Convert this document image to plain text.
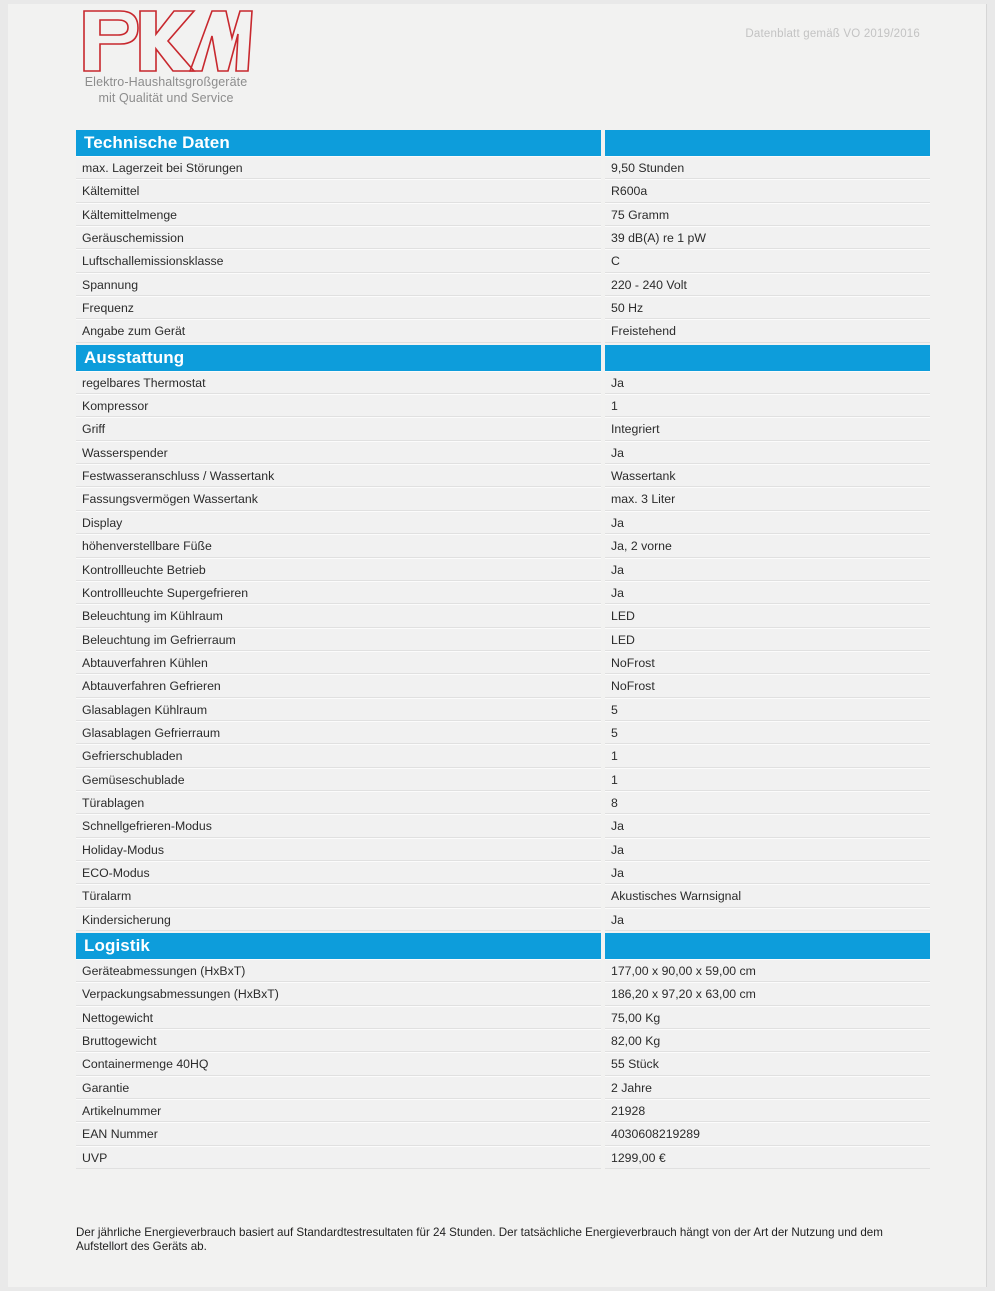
Elektro-Haushaltsgroßgeräte
mit Qualität und Service
Datenblatt gemäß VO 2019/2016
Technische Daten
max. Lagerzeit bei Störungen	9,50 Stunden
Kältemittel	R600a
Kältemittelmenge	75 Gramm
Geräuschemission	39 dB(A) re 1 pW
Luftschallemissionsklasse	C
Spannung	220 - 240 Volt
Frequenz	50 Hz
Angabe zum Gerät	Freistehend
Ausstattung
regelbares Thermostat	Ja
Kompressor	1
Griff	Integriert
Wasserspender	Ja
Festwasseranschluss / Wassertank	Wassertank
Fassungsvermögen Wassertank	max. 3 Liter
Display	Ja
höhenverstellbare Füße	Ja, 2 vorne
Kontrollleuchte Betrieb	Ja
Kontrollleuchte Supergefrieren	Ja
Beleuchtung im Kühlraum	LED
Beleuchtung im Gefrierraum	LED
Abtauverfahren Kühlen	NoFrost
Abtauverfahren Gefrieren	NoFrost
Glasablagen Kühlraum	5
Glasablagen Gefrierraum	5
Gefrierschubladen	1
Gemüseschublade	1
Türablagen	8
Schnellgefrieren-Modus	Ja
Holiday-Modus	Ja
ECO-Modus	Ja
Türalarm	Akustisches Warnsignal
Kindersicherung	Ja
Logistik
Geräteabmessungen (HxBxT)	177,00 x 90,00 x 59,00 cm
Verpackungsabmessungen (HxBxT)	186,20 x 97,20 x 63,00 cm
Nettogewicht	75,00 Kg
Bruttogewicht	82,00 Kg
Containermenge 40HQ	55 Stück
Garantie	2 Jahre
Artikelnummer	21928
EAN Nummer	4030608219289
UVP	1299,00 €
Der jährliche Energieverbrauch basiert auf Standardtestresultaten für 24 Stunden. Der tatsächliche Energieverbrauch hängt von der Art der Nutzung und dem Aufstellort des Geräts ab.
